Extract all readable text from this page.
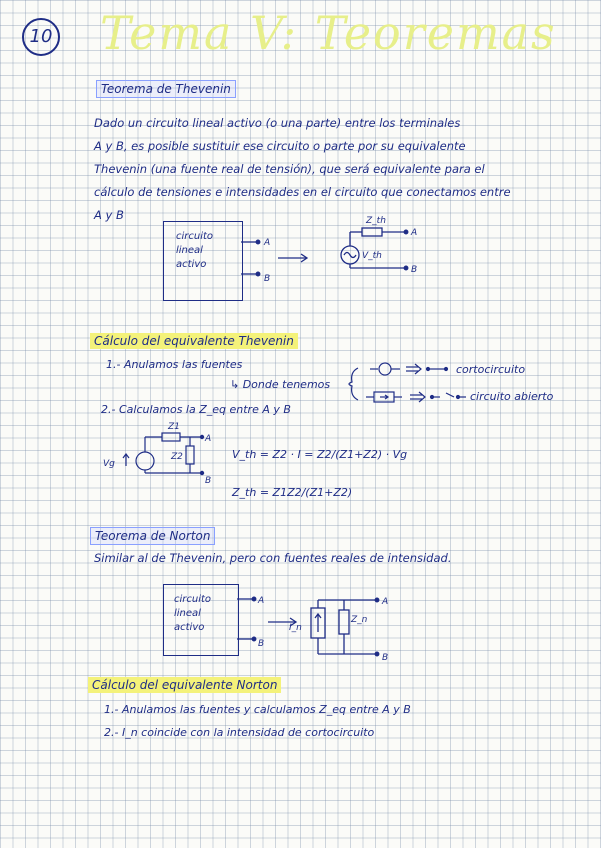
10 Tema V: Teoremas
Teorema de Thevenin
Dado un circuito lineal activo (o una parte) entre los terminales
A y B, es posible sustituir ese circuito o parte por su equivalente
Thevenin (una fuente real de tensión), que será equivalente para el
cálculo de tensiones e intensidades en el circuito que conectamos entre
A y B
circuito
lineal
activo
A
B
Z_th
V_th
A
B
Cálculo del equivalente Thevenin
1.- Anulamos las fuentes
↳ Donde tenemos
2.- Calculamos la Z_eq entre A y B
cortocircuito
circuito abierto
Z1
Z2
Vg
A
B
V_th = Z2 · I = Z2/(Z1+Z2) · Vg
Z_th = Z1Z2/(Z1+Z2)
Teorema de Norton
Similar al de Thevenin, pero con fuentes reales de intensidad.
circuito
lineal
activo
A
B
I_n
Z_n
A
B
Cálculo del equivalente Norton
1.- Anulamos las fuentes y calculamos Z_eq entre A y B
2.- I_n coincide con la intensidad de cortocircuito
